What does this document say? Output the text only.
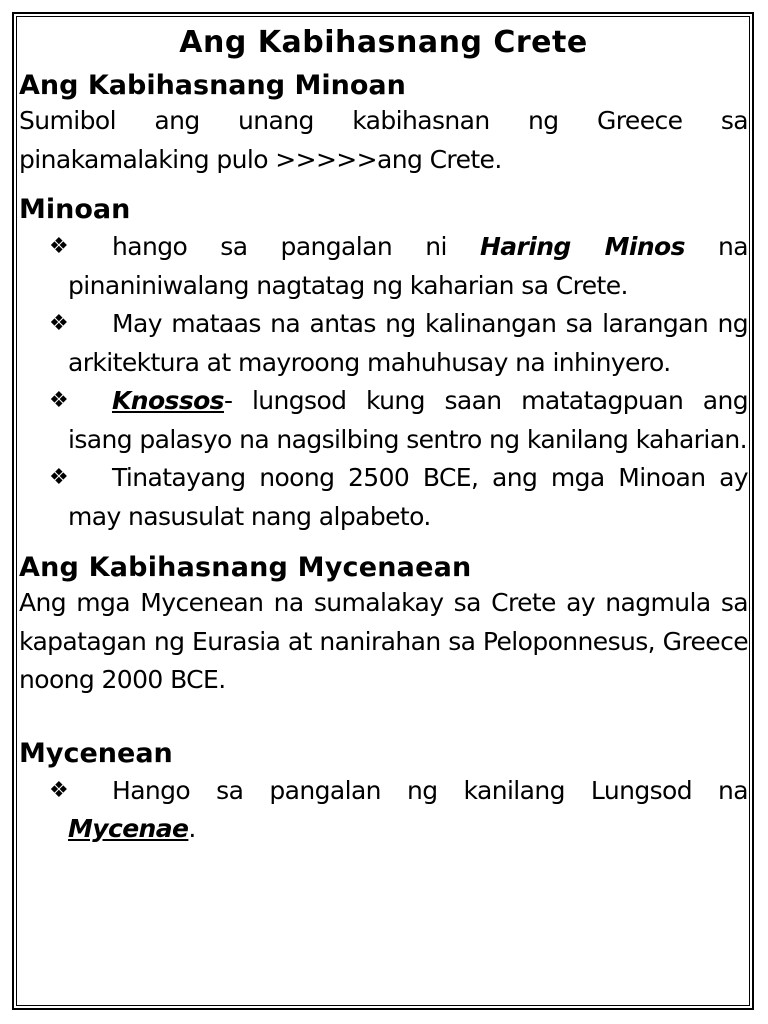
Ang Kabihasnang Crete
Ang Kabihasnang Minoan

Sumibol ang unang kabihasnan ng Greece sa pinakamalaking pulo >>>>>ang Crete.

Minoan
❖ hango sa pangalan ni Haring Minos na pinaniniwalang nagtatag ng kaharian sa Crete.
❖ May mataas na antas ng kalinangan sa larangan ng arkitektura at mayroong mahuhusay na inhinyero.
❖ Knossos- lungsod kung saan matatagpuan ang isang palasyo na nagsilbing sentro ng kanilang kaharian.
❖ Tinatayang noong 2500 BCE, ang mga Minoan ay may nasusulat nang alpabeto.
Ang Kabihasnang Mycenaean

Ang mga Mycenean na sumalakay sa Crete ay nagmula sa kapatagan ng Eurasia at nanirahan sa Peloponnesus, Greece noong 2000 BCE.

Mycenean
❖ Hango sa pangalan ng kanilang Lungsod na Mycenae.
